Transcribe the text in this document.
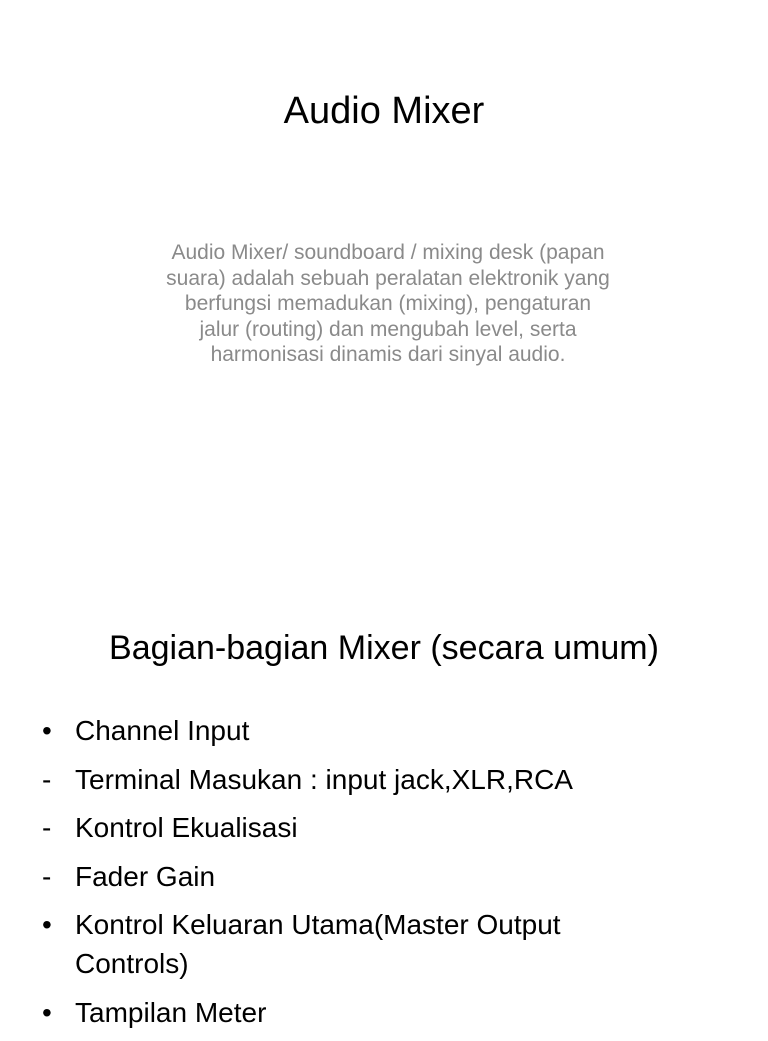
Audio Mixer

Audio Mixer/ soundboard / mixing desk (papan
suara) adalah sebuah peralatan elektronik yang
berfungsi memadukan (mixing), pengaturan
jalur (routing) dan mengubah level, serta
harmonisasi dinamis dari sinyal audio.

Bagian-bagian Mixer (secara umum)
• Channel Input
- Terminal Masukan : input jack,XLR,RCA
- Kontrol Ekualisasi
- Fader Gain
• Kontrol Keluaran Utama(Master Output
Controls)
• Tampilan Meter
